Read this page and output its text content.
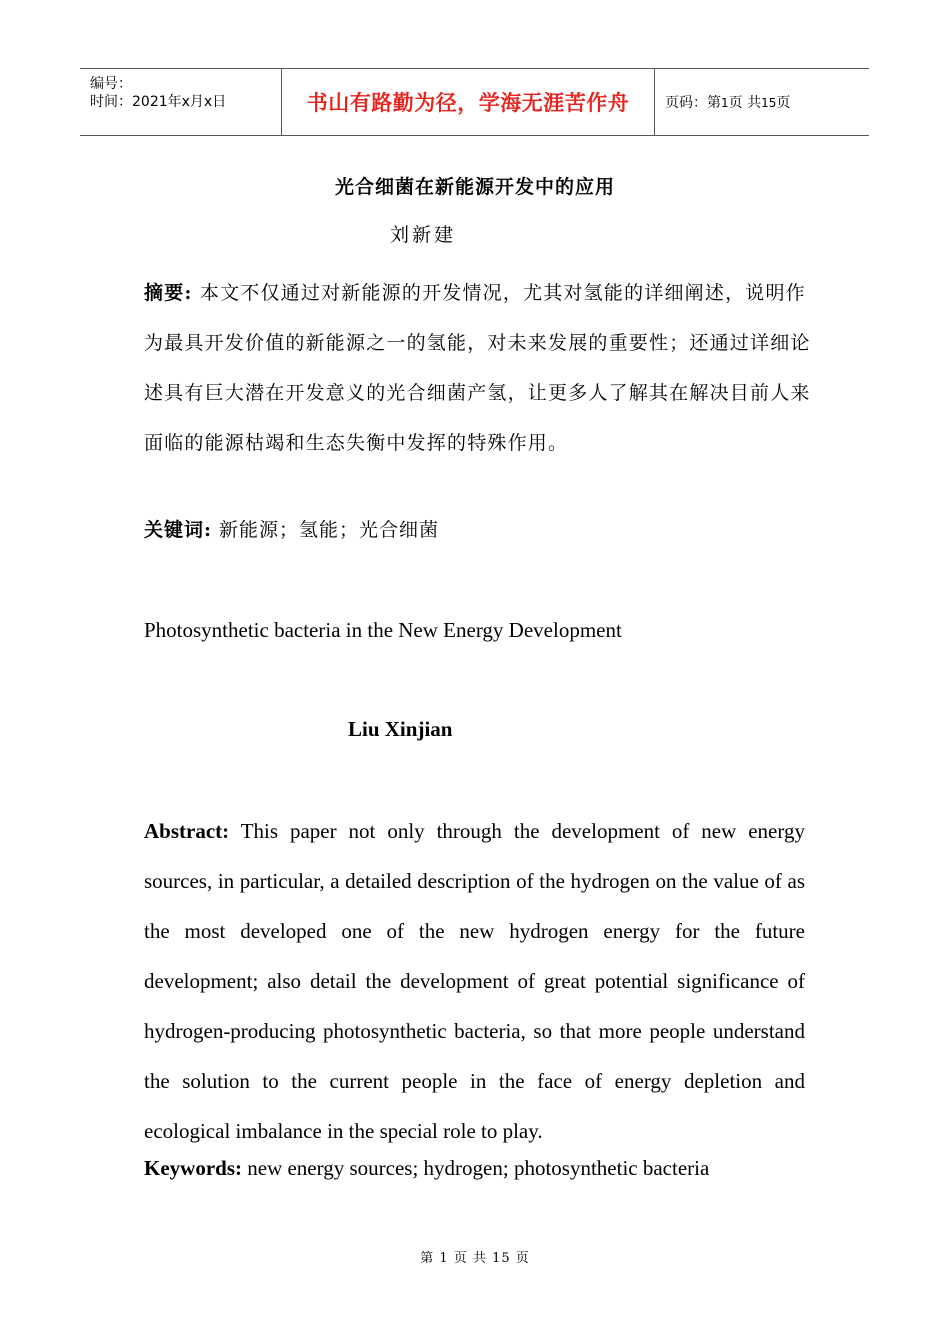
编号：
时间：2021年x月x日	书山有路勤为径，学海无涯苦作舟	页码：第1页 共15页
光合细菌在新能源开发中的应用
刘新建
摘要: 本文不仅通过对新能源的开发情况，尤其对氢能的详细阐述，说明作为最具开发价值的新能源之一的氢能，对未来发展的重要性；还通过详细论述具有巨大潜在开发意义的光合细菌产氢，让更多人了解其在解决目前人来面临的能源枯竭和生态失衡中发挥的特殊作用。
关键词: 新能源；氢能；光合细菌
Photosynthetic bacteria in the New Energy Development
Liu Xinjian
Abstract: This paper not only through the development of new energy sources, in particular, a detailed description of the hydrogen on the value of as the most developed one of the new hydrogen energy for the future development; also detail the development of great potential significance of hydrogen-producing photosynthetic bacteria, so that more people understand the solution to the current people in the face of energy depletion and ecological imbalance in the special role to play.
Keywords: new energy sources; hydrogen; photosynthetic bacteria
第 1 页 共 15 页
